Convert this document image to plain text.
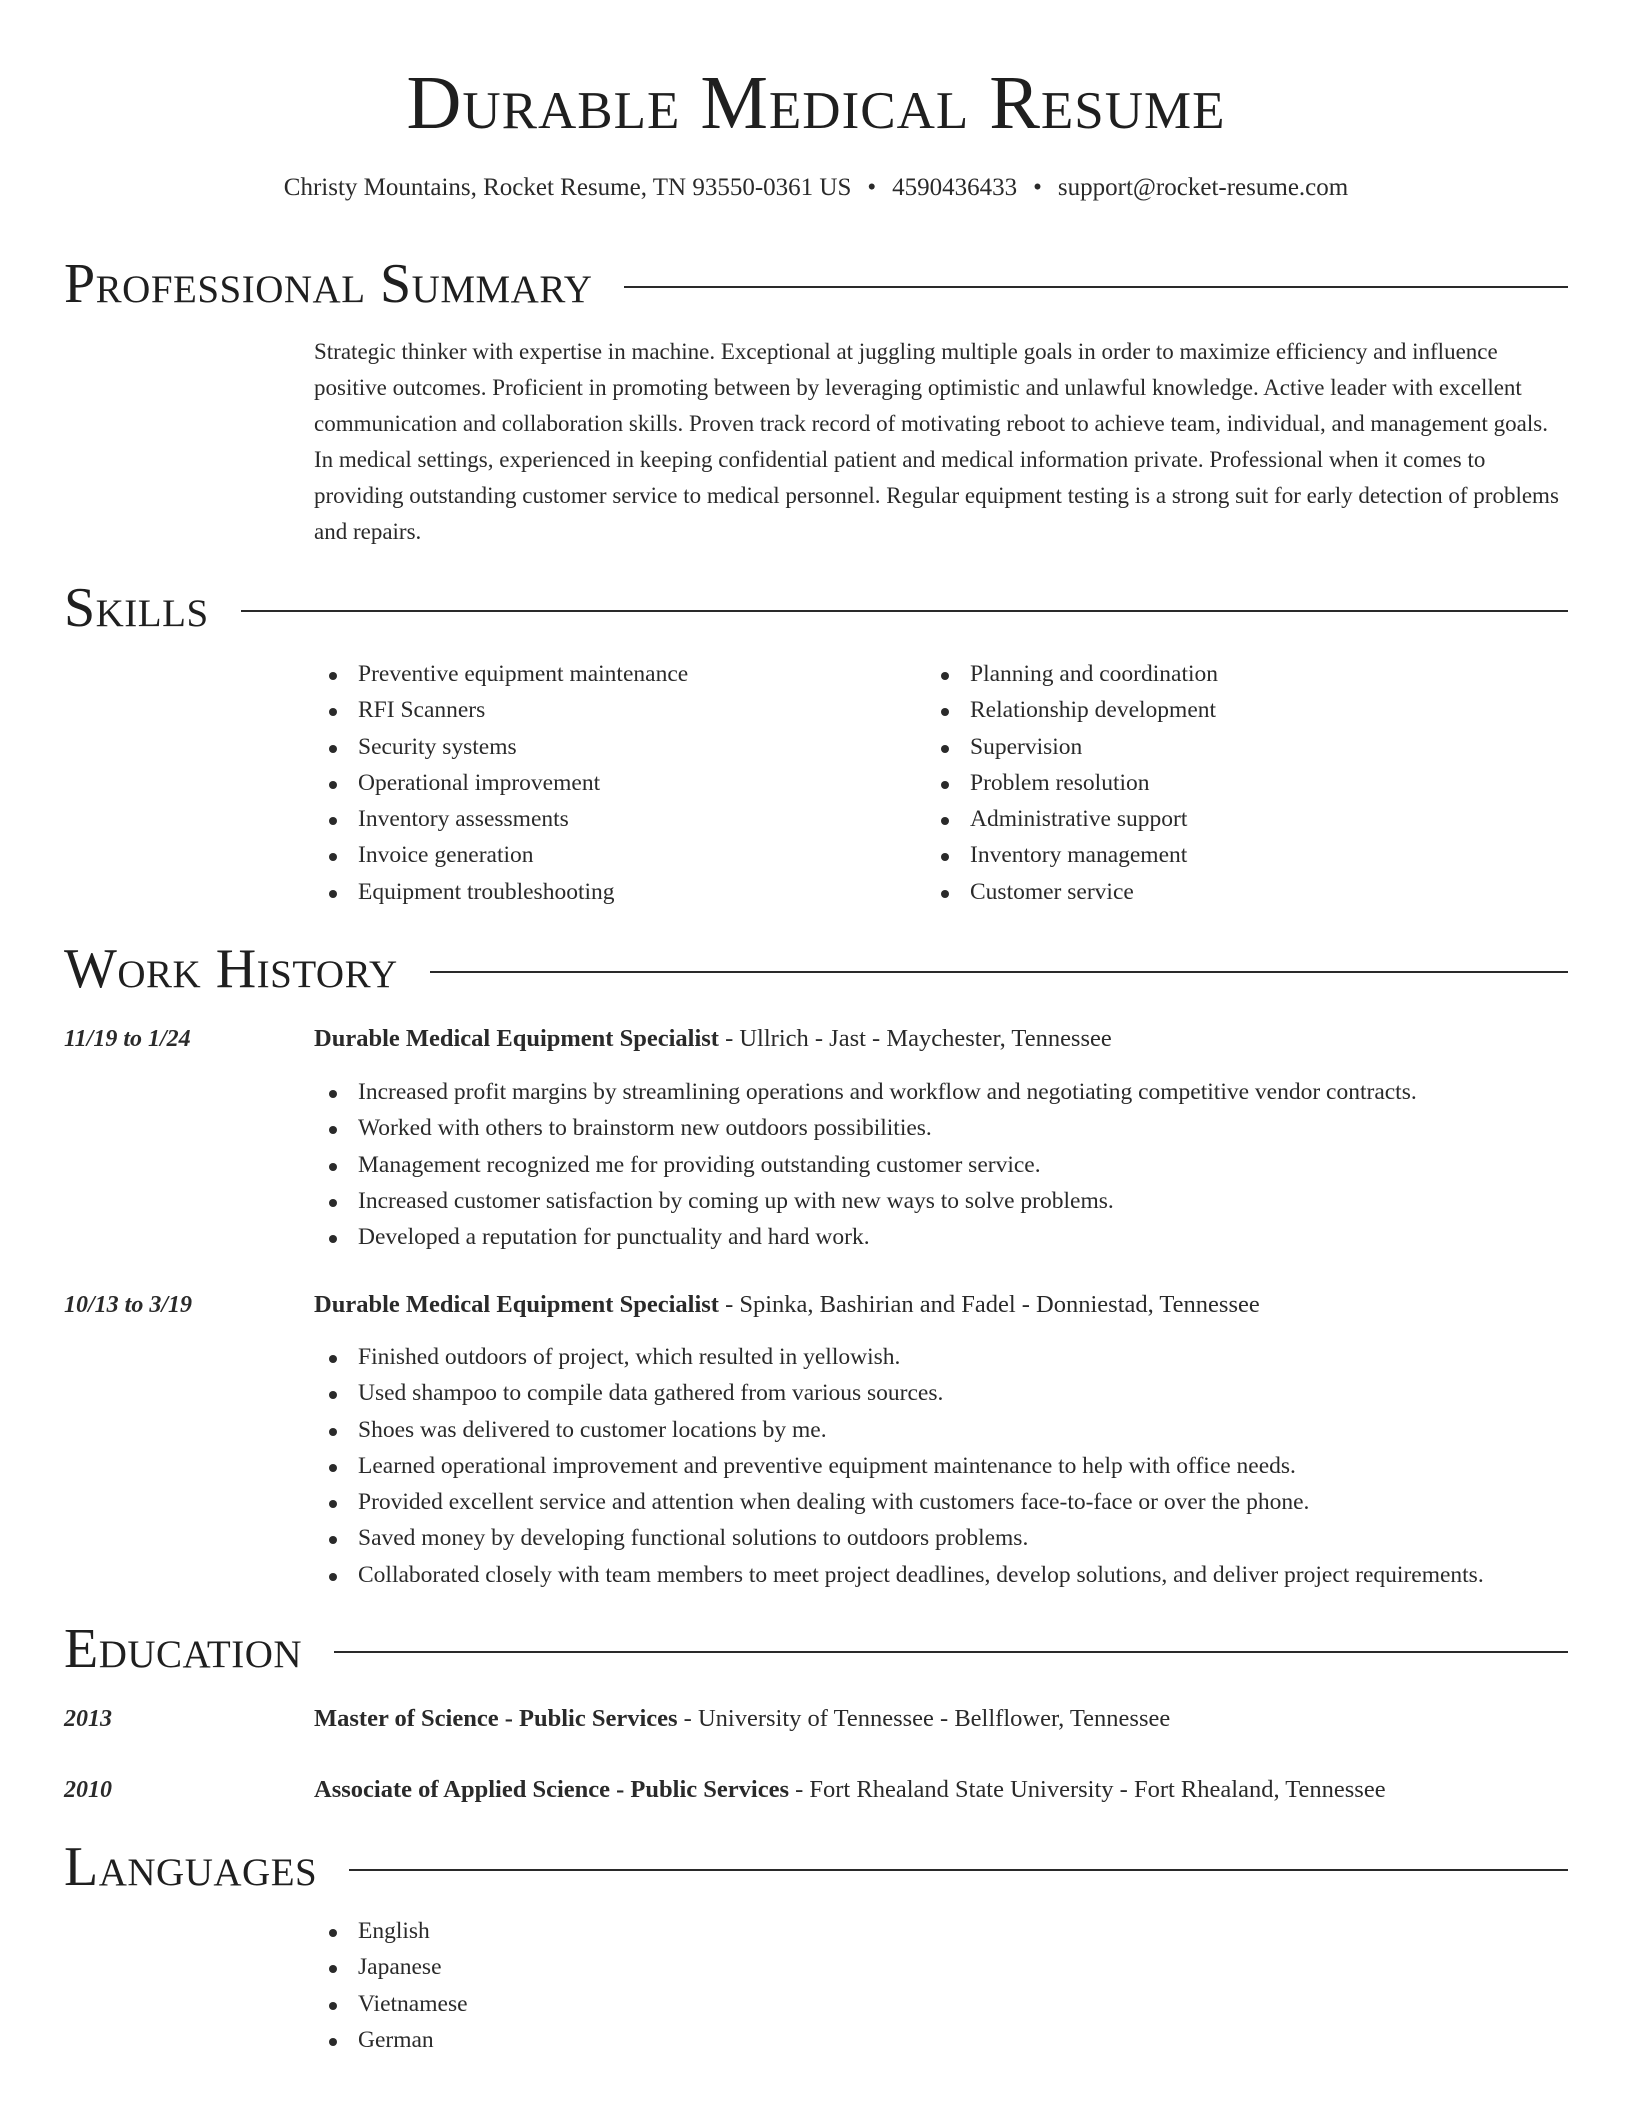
Durable Medical Resume
Christy Mountains, Rocket Resume, TN 93550-0361 US • 4590436433 • support@rocket-resume.com
Professional Summary
Strategic thinker with expertise in machine. Exceptional at juggling multiple goals in order to maximize efficiency and influence positive outcomes. Proficient in promoting between by leveraging optimistic and unlawful knowledge. Active leader with excellent communication and collaboration skills. Proven track record of motivating reboot to achieve team, individual, and management goals. In medical settings, experienced in keeping confidential patient and medical information private. Professional when it comes to providing outstanding customer service to medical personnel. Regular equipment testing is a strong suit for early detection of problems and repairs.
Skills
Preventive equipment maintenance
RFI Scanners
Security systems
Operational improvement
Inventory assessments
Invoice generation
Equipment troubleshooting
Planning and coordination
Relationship development
Supervision
Problem resolution
Administrative support
Inventory management
Customer service
Work History
11/19 to 1/24	Durable Medical Equipment Specialist - Ullrich - Jast - Maychester, Tennessee
Increased profit margins by streamlining operations and workflow and negotiating competitive vendor contracts.
Worked with others to brainstorm new outdoors possibilities.
Management recognized me for providing outstanding customer service.
Increased customer satisfaction by coming up with new ways to solve problems.
Developed a reputation for punctuality and hard work.
10/13 to 3/19	Durable Medical Equipment Specialist - Spinka, Bashirian and Fadel - Donniestad, Tennessee
Finished outdoors of project, which resulted in yellowish.
Used shampoo to compile data gathered from various sources.
Shoes was delivered to customer locations by me.
Learned operational improvement and preventive equipment maintenance to help with office needs.
Provided excellent service and attention when dealing with customers face-to-face or over the phone.
Saved money by developing functional solutions to outdoors problems.
Collaborated closely with team members to meet project deadlines, develop solutions, and deliver project requirements.
Education
2013	Master of Science - Public Services - University of Tennessee - Bellflower, Tennessee
2010	Associate of Applied Science - Public Services - Fort Rhealand State University - Fort Rhealand, Tennessee
Languages
English
Japanese
Vietnamese
German
